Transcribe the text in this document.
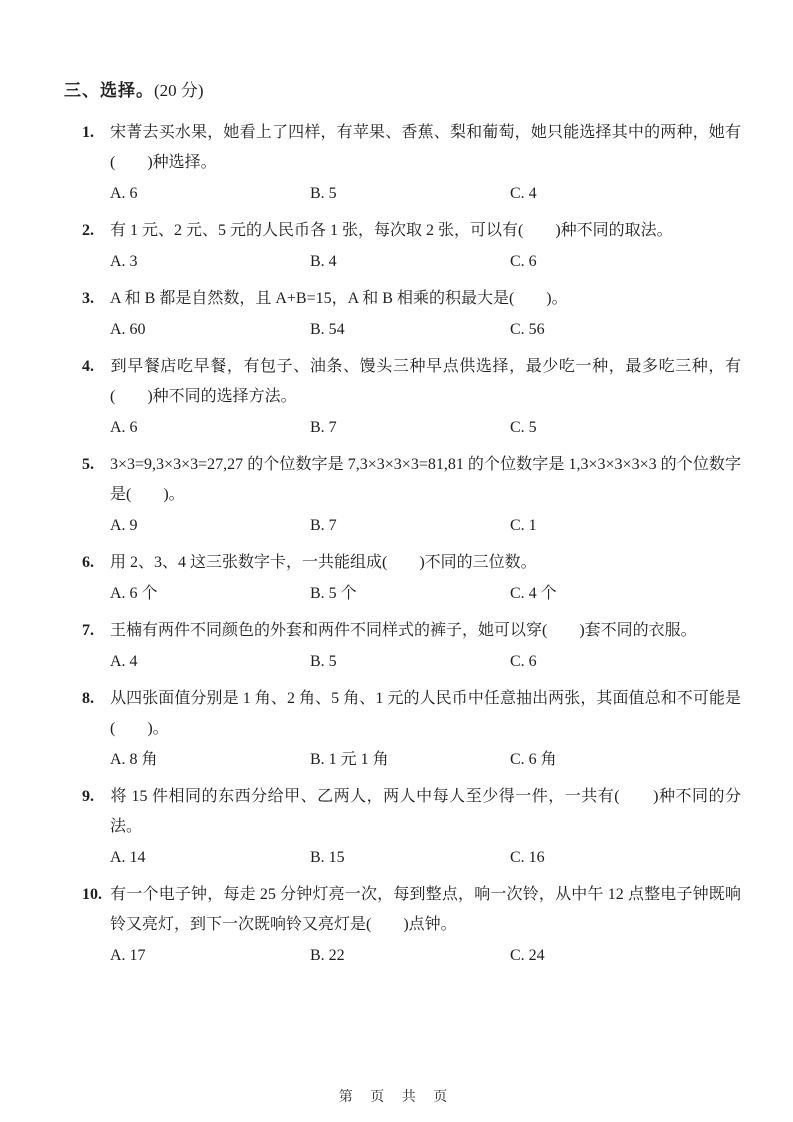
三、选择。(20 分)
1. 宋菁去买水果，她看上了四样，有苹果、香蕉、梨和葡萄，她只能选择其中的两种，她有(　　)种选择。
A. 6	B. 5	C. 4
2. 有 1 元、2 元、5 元的人民币各 1 张，每次取 2 张，可以有(　　)种不同的取法。
A. 3	B. 4	C. 6
3. A 和 B 都是自然数，且 A+B=15，A 和 B 相乘的积最大是(　　)。
A. 60	B. 54	C. 56
4. 到早餐店吃早餐，有包子、油条、馒头三种早点供选择，最少吃一种，最多吃三种，有(　　)种不同的选择方法。
A. 6	B. 7	C. 5
5. 3×3=9,3×3×3=27,27 的个位数字是 7,3×3×3×3=81,81 的个位数字是 1,3×3×3×3×3 的个位数字是(　　)。
A. 9	B. 7	C. 1
6. 用 2、3、4 这三张数字卡，一共能组成(　　)不同的三位数。
A. 6 个	B. 5 个	C. 4 个
7. 王楠有两件不同颜色的外套和两件不同样式的裤子，她可以穿(　　)套不同的衣服。
A. 4	B. 5	C. 6
8. 从四张面值分别是 1 角、2 角、5 角、1 元的人民币中任意抽出两张，其面值总和不可能是(　　)。
A. 8 角	B. 1 元 1 角	C. 6 角
9. 将 15 件相同的东西分给甲、乙两人，两人中每人至少得一件，一共有(　　)种不同的分法。
A. 14	B. 15	C. 16
10. 有一个电子钟，每走 25 分钟灯亮一次，每到整点，响一次铃，从中午 12 点整电子钟既响铃又亮灯，到下一次既响铃又亮灯是(　　)点钟。
A. 17	B. 22	C. 24
第 页 共 页
